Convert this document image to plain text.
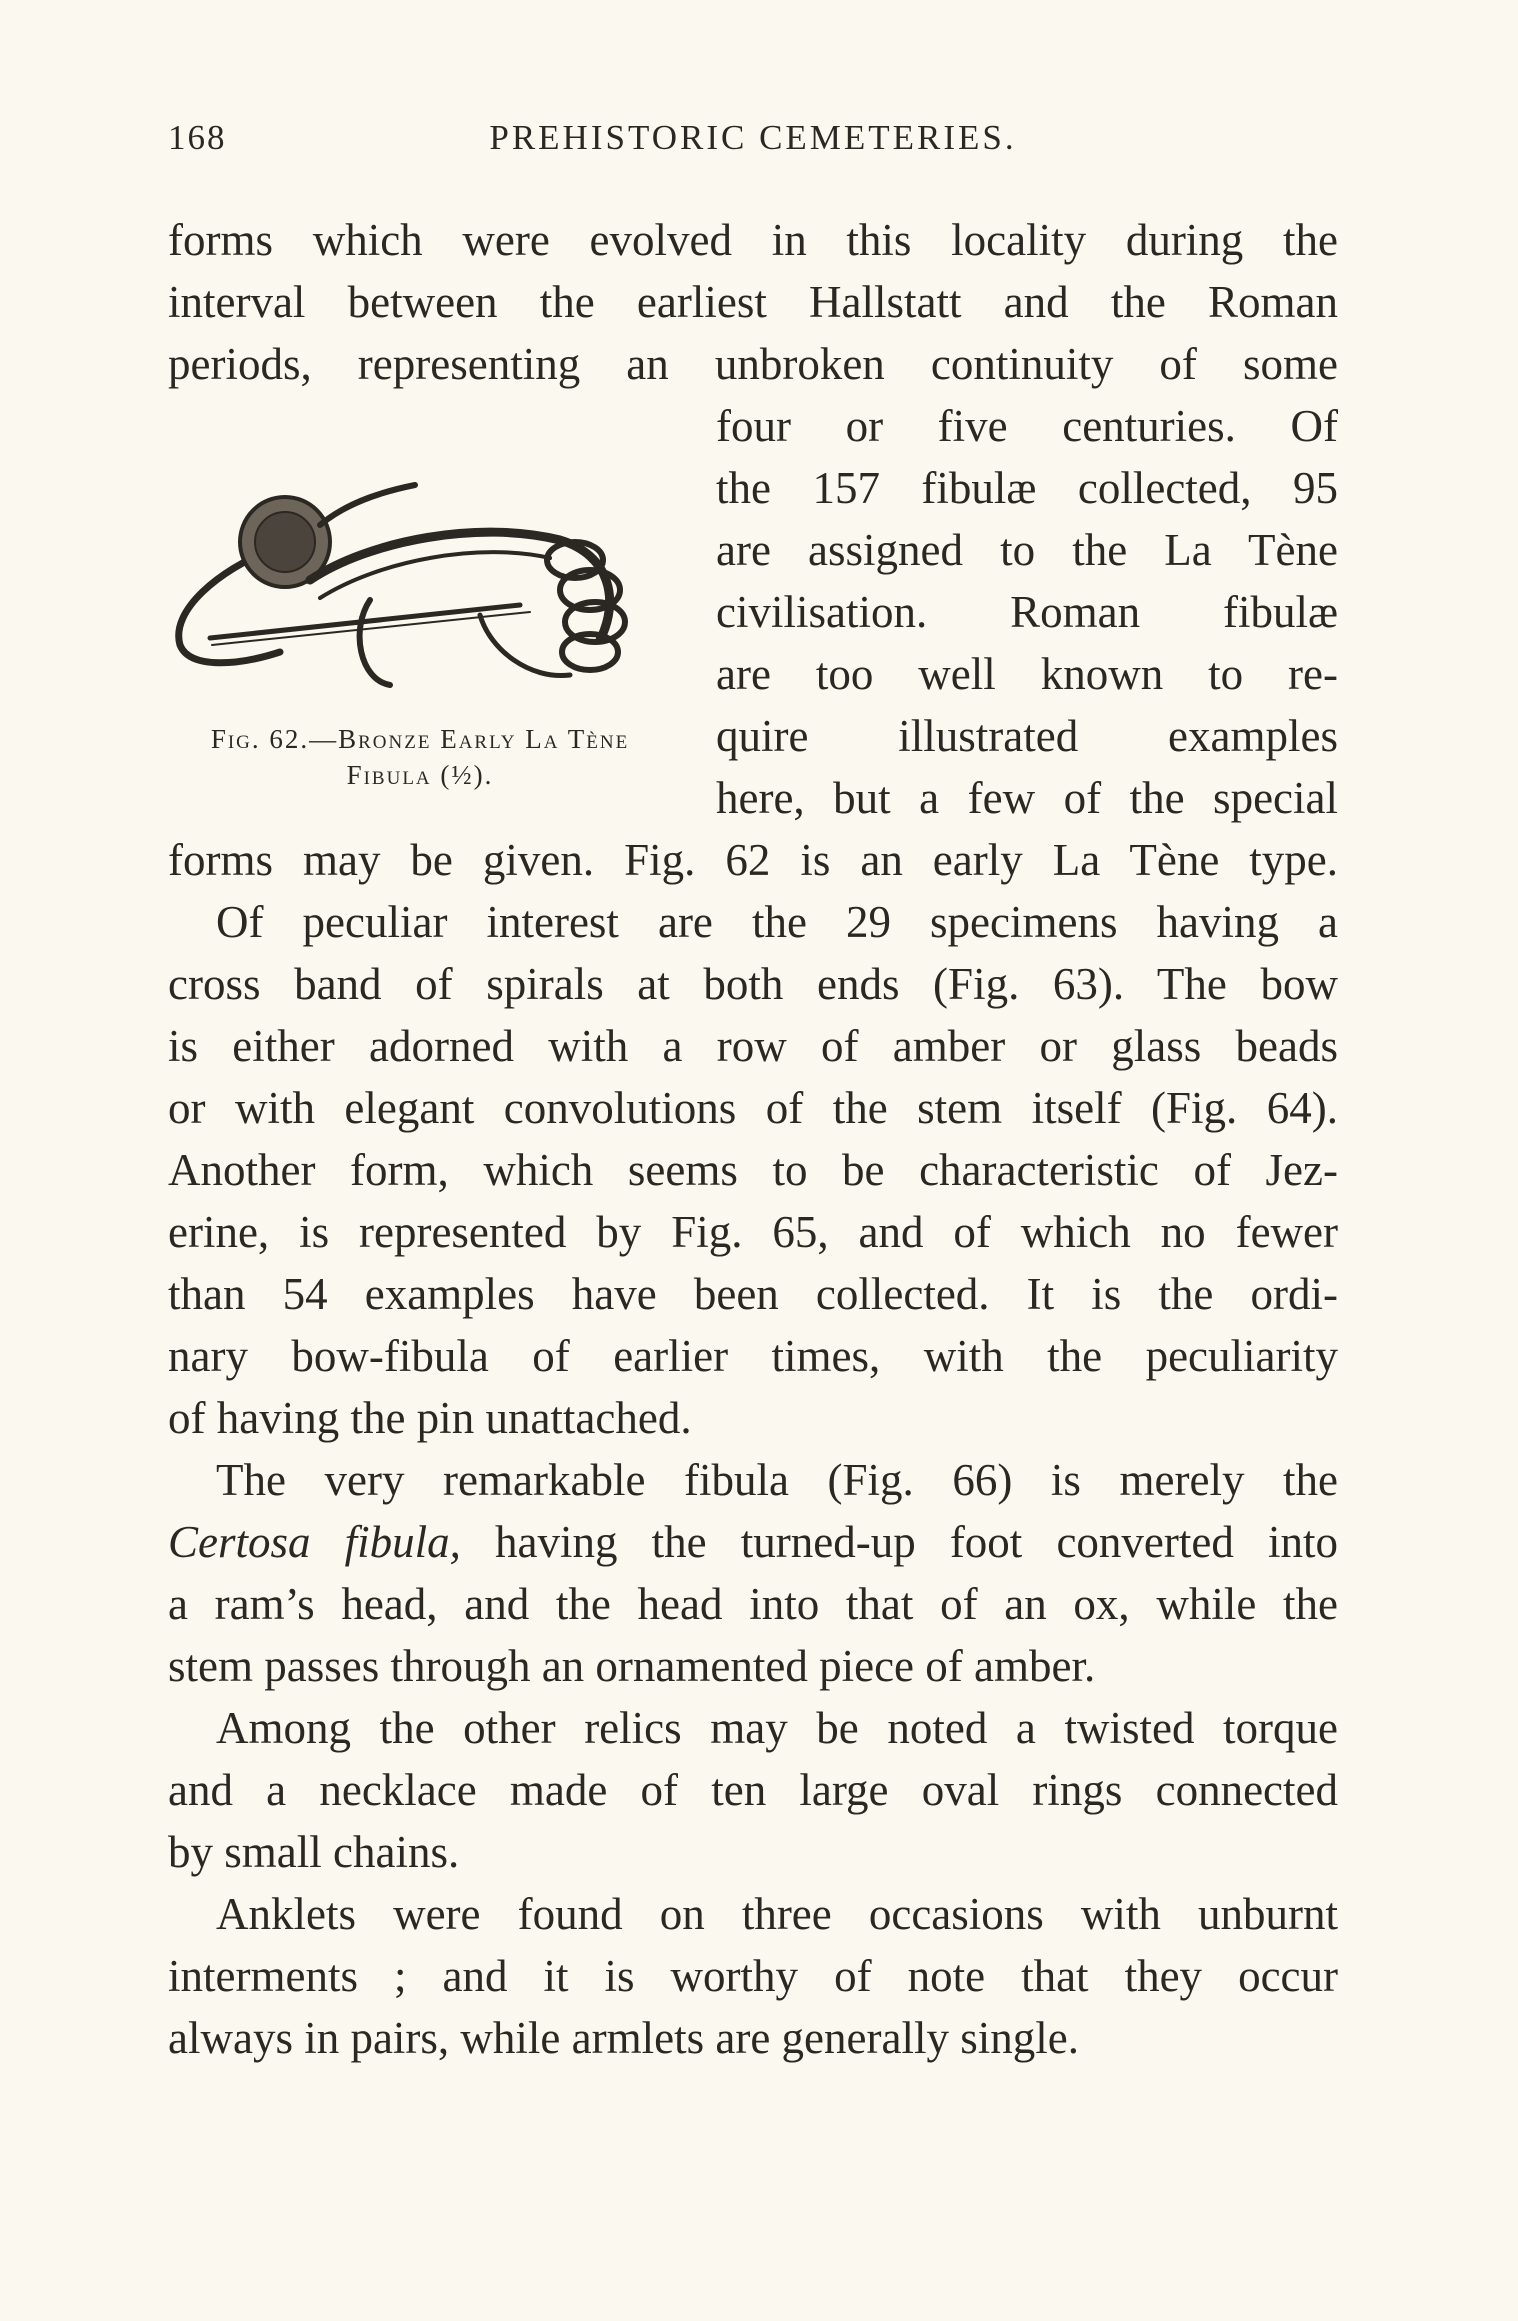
168	PREHISTORIC CEMETERIES.
forms which were evolved in this locality during the
interval between the earliest Hallstatt and the Roman
periods, representing an unbroken continuity of some
four or five centuries. Of
the 157 fibulæ collected, 95
are assigned to the La Tène
civilisation. Roman fibulæ
are too well known to re-
quire illustrated examples
here, but a few of the special
Fig. 62.—Bronze Early La Tène
Fibula (½).
forms may be given. Fig. 62 is an early La Tène type.
Of peculiar interest are the 29 specimens having a
cross band of spirals at both ends (Fig. 63). The bow
is either adorned with a row of amber or glass beads
or with elegant convolutions of the stem itself (Fig. 64).
Another form, which seems to be characteristic of Jez-
erine, is represented by Fig. 65, and of which no fewer
than 54 examples have been collected. It is the ordi-
nary bow-fibula of earlier times, with the peculiarity
of having the pin unattached.
The very remarkable fibula (Fig. 66) is merely the
Certosa fibula, having the turned-up foot converted into
a ram’s head, and the head into that of an ox, while the
stem passes through an ornamented piece of amber.
Among the other relics may be noted a twisted torque
and a necklace made of ten large oval rings connected
by small chains.
Anklets were found on three occasions with unburnt
interments ; and it is worthy of note that they occur
always in pairs, while armlets are generally single.
